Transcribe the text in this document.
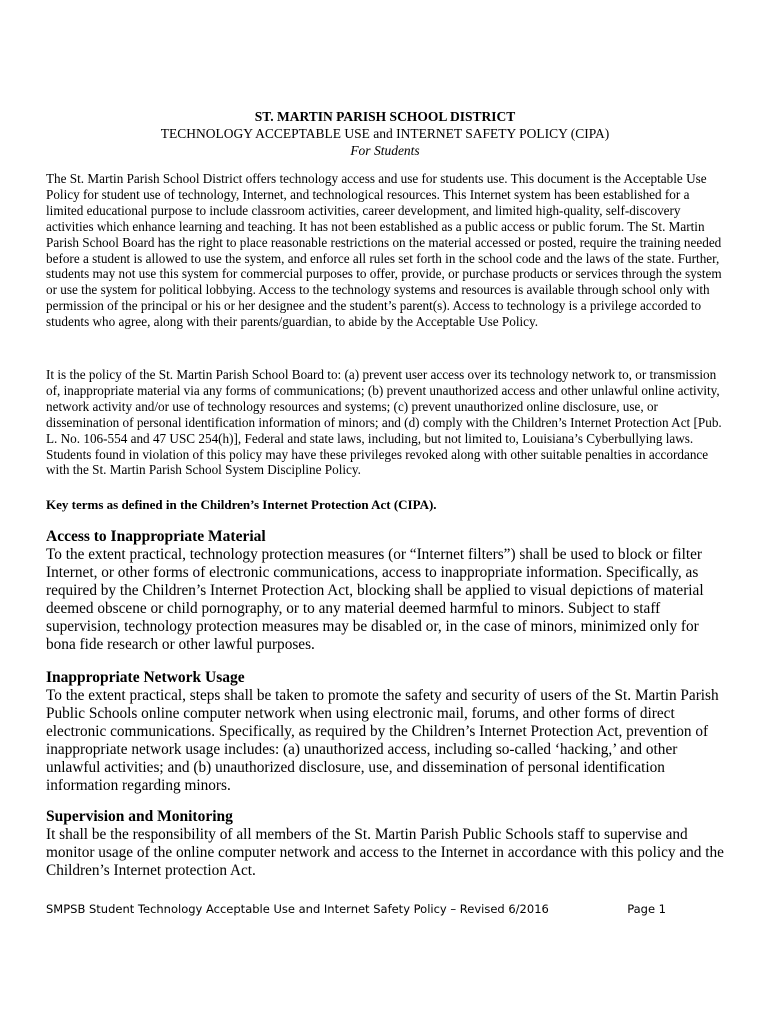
ST. MARTIN PARISH SCHOOL DISTRICT
TECHNOLOGY ACCEPTABLE USE and INTERNET SAFETY POLICY (CIPA)
For Students
The St. Martin Parish School District offers technology access and use for students use. This document is the Acceptable Use Policy for student use of technology, Internet, and technological resources. This Internet system has been established for a limited educational purpose to include classroom activities, career development, and limited high-quality, self-discovery activities which enhance learning and teaching. It has not been established as a public access or public forum. The St. Martin Parish School Board has the right to place reasonable restrictions on the material accessed or posted, require the training needed before a student is allowed to use the system, and enforce all rules set forth in the school code and the laws of the state. Further, students may not use this system for commercial purposes to offer, provide, or purchase products or services through the system or use the system for political lobbying. Access to the technology systems and resources is available through school only with permission of the principal or his or her designee and the student’s parent(s). Access to technology is a privilege accorded to students who agree, along with their parents/guardian, to abide by the Acceptable Use Policy.
It is the policy of the St. Martin Parish School Board to: (a) prevent user access over its technology network to, or transmission of, inappropriate material via any forms of communications; (b) prevent unauthorized access and other unlawful online activity, network activity and/or use of technology resources and systems; (c) prevent unauthorized online disclosure, use, or dissemination of personal identification information of minors; and (d) comply with the Children’s Internet Protection Act [Pub. L. No. 106-554 and 47 USC 254(h)], Federal and state laws, including, but not limited to, Louisiana’s Cyberbullying laws. Students found in violation of this policy may have these privileges revoked along with other suitable penalties in accordance with the St. Martin Parish School System Discipline Policy.
Key terms as defined in the Children’s Internet Protection Act (CIPA).
Access to Inappropriate Material
To the extent practical, technology protection measures (or “Internet filters”) shall be used to block or filter Internet, or other forms of electronic communications, access to inappropriate information. Specifically, as required by the Children’s Internet Protection Act, blocking shall be applied to visual depictions of material deemed obscene or child pornography, or to any material deemed harmful to minors. Subject to staff supervision, technology protection measures may be disabled or, in the case of minors, minimized only for bona fide research or other lawful purposes.
Inappropriate Network Usage
To the extent practical, steps shall be taken to promote the safety and security of users of the St. Martin Parish Public Schools online computer network when using electronic mail, forums, and other forms of direct electronic communications. Specifically, as required by the Children’s Internet Protection Act, prevention of inappropriate network usage includes: (a) unauthorized access, including so-called ‘hacking,’ and other unlawful activities; and (b) unauthorized disclosure, use, and dissemination of personal identification information regarding minors.
Supervision and Monitoring
It shall be the responsibility of all members of the St. Martin Parish Public Schools staff to supervise and monitor usage of the online computer network and access to the Internet in accordance with this policy and the Children’s Internet protection Act.
SMPSB Student Technology Acceptable Use and Internet Safety Policy – Revised 6/2016	Page 1
